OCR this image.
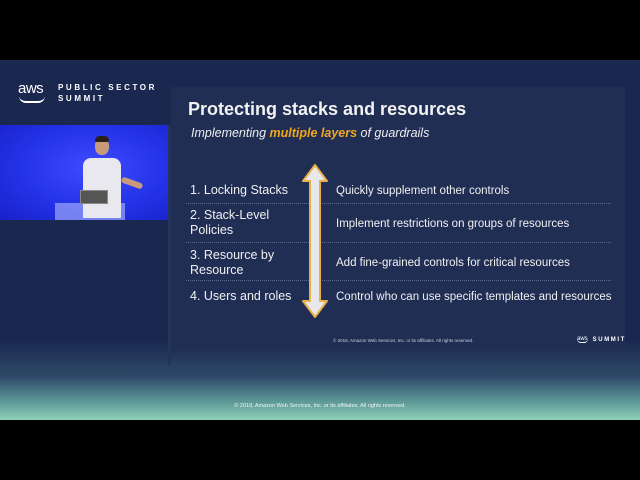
aws	PUBLIC SECTOR
SUMMIT
Protecting stacks and resources
Implementing multiple layers of guardrails
1. Locking Stacks	Quickly supplement other controls
2. Stack-Level Policies	Implement restrictions on groups of resources
3. Resource by Resource	Add fine-grained controls for critical resources
4. Users and roles	Control who can use specific templates and resources
© 2018, Amazon Web Services, Inc. or its affiliates. All rights reserved.	aws SUMMIT
© 2018, Amazon Web Services, Inc. or its affiliates. All rights reserved.
